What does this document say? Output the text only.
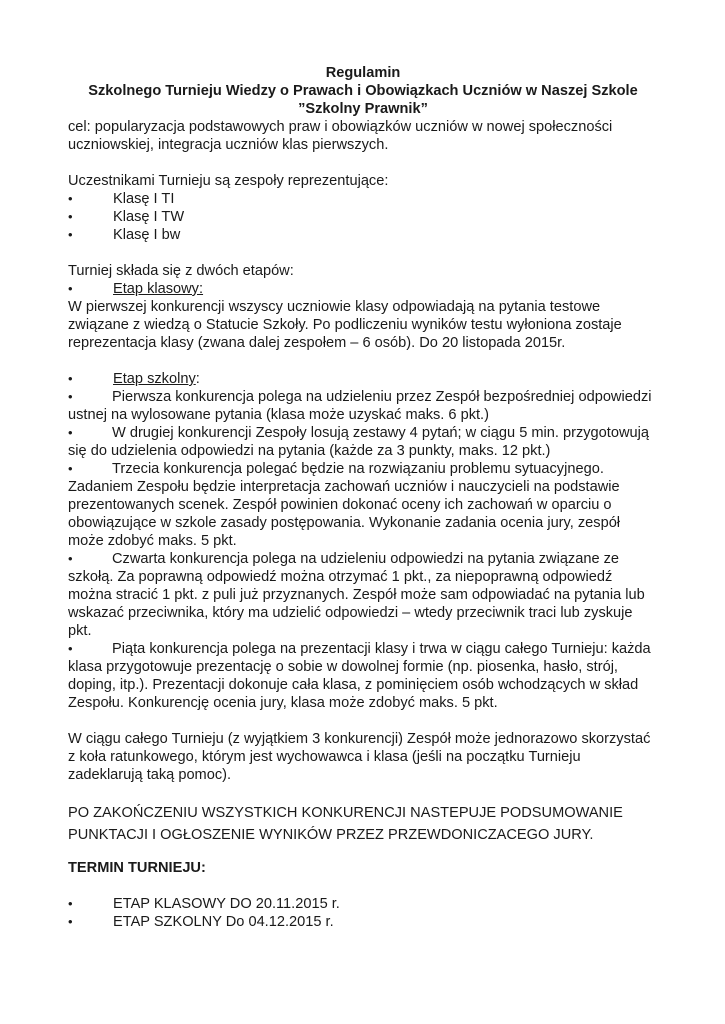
Regulamin

Szkolnego Turnieju Wiedzy o Prawach i Obowiązkach Uczniów w Naszej Szkole

”Szkolny Prawnik”

cel: popularyzacja podstawowych praw i obowiązków uczniów w nowej społeczności uczniowskiej, integracja uczniów klas pierwszych.

Uczestnikami Turnieju są zespoły reprezentujące:

•	Klasę I TI
•	Klasę I TW
•	Klasę I bw

Turniej składa się z dwóch etapów:

•	Etap klasowy:

W pierwszej konkurencji wszyscy uczniowie klasy odpowiadają na pytania testowe związane z wiedzą o Statucie Szkoły. Po podliczeniu wyników testu wyłoniona zostaje reprezentacja klasy (zwana dalej zespołem – 6 osób). Do 20 listopada 2015r.

•	Etap szkolny:

•	Pierwsza konkurencja polega na udzieleniu przez Zespół bezpośredniej odpowiedzi ustnej na wylosowane pytania (klasa może uzyskać maks. 6 pkt.)

•	W drugiej konkurencji Zespoły losują zestawy 4 pytań; w ciągu 5 min. przygotowują się do udzielenia odpowiedzi na pytania (każde za 3 punkty, maks. 12 pkt.)

•	Trzecia konkurencja polegać będzie na rozwiązaniu problemu sytuacyjnego. Zadaniem Zespołu będzie interpretacja zachowań uczniów i nauczycieli na podstawie prezentowanych scenek. Zespół powinien dokonać oceny ich zachowań w oparciu o obowiązujące w szkole zasady postępowania. Wykonanie zadania ocenia jury, zespół może zdobyć maks. 5 pkt.

•	Czwarta konkurencja polega na udzieleniu odpowiedzi na pytania związane ze szkołą. Za poprawną odpowiedź można otrzymać 1 pkt., za niepoprawną odpowiedź można stracić 1 pkt. z puli już przyznanych. Zespół może sam odpowiadać na pytania lub wskazać przeciwnika, który ma udzielić odpowiedzi – wtedy przeciwnik traci lub zyskuje pkt.

•	Piąta konkurencja polega na prezentacji klasy i trwa w ciągu całego Turnieju: każda klasa przygotowuje prezentację o sobie w dowolnej formie (np. piosenka, hasło, strój, doping, itp.). Prezentacji dokonuje cała klasa, z pominięciem osób wchodzących w skład Zespołu. Konkurencję ocenia jury, klasa może zdobyć maks. 5 pkt.

W ciągu całego Turnieju (z wyjątkiem 3 konkurencji) Zespół może jednorazowo skorzystać z koła ratunkowego, którym jest wychowawca i klasa (jeśli na początku Turnieju zadeklarują taką pomoc).

PO ZAKOŃCZENIU WSZYSTKICH KONKURENCJI NASTEPUJE PODSUMOWANIE PUNKTACJI I OGŁOSZENIE WYNIKÓW PRZEZ PRZEWDONICZACEGO JURY.

TERMIN TURNIEJU:

•	ETAP KLASOWY DO 20.11.2015 r.
•	ETAP SZKOLNY Do 04.12.2015 r.
